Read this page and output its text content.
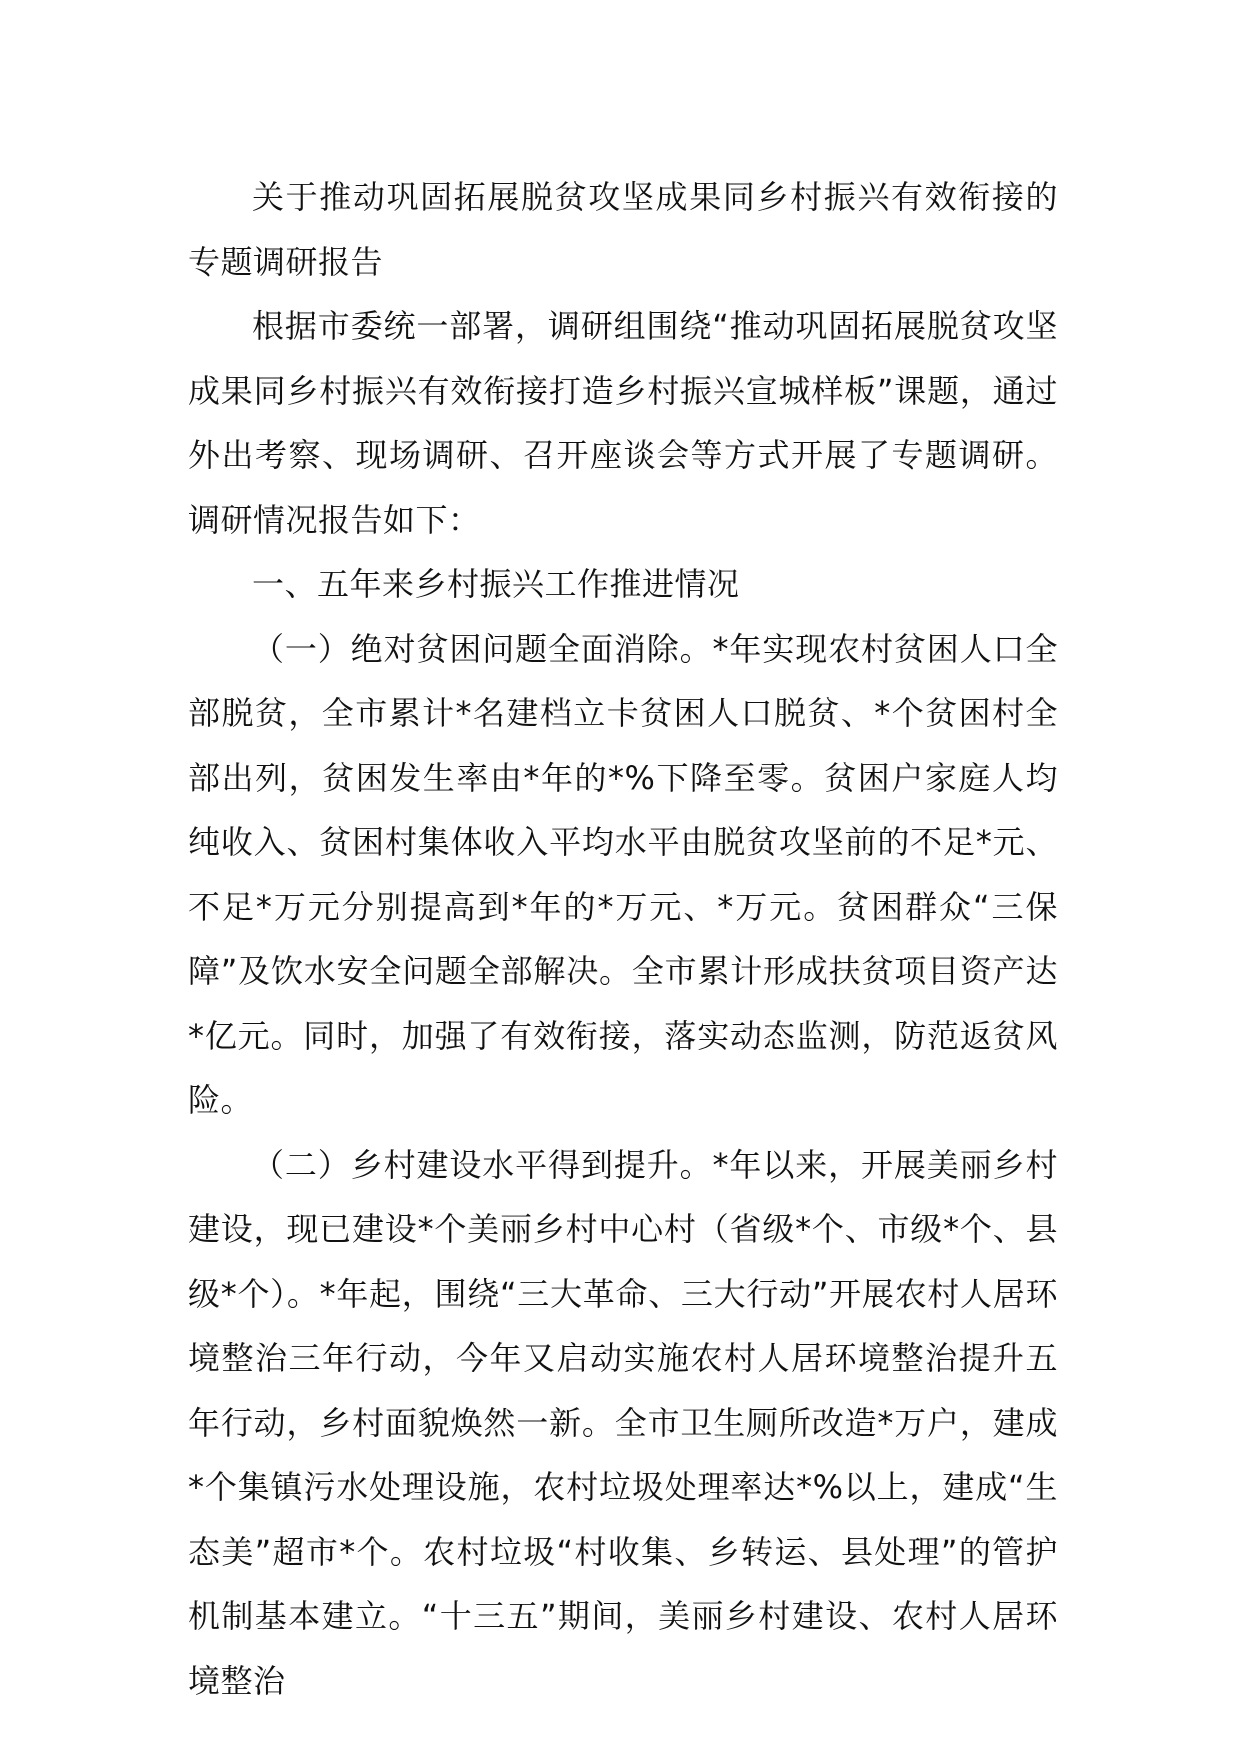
关于推动巩固拓展脱贫攻坚成果同乡村振兴有效衔接的专题调研报告

根据市委统一部署，调研组围绕“推动巩固拓展脱贫攻坚成果同乡村振兴有效衔接打造乡村振兴宣城样板”课题，通过外出考察、现场调研、召开座谈会等方式开展了专题调研。调研情况报告如下：

一、五年来乡村振兴工作推进情况

（一）绝对贫困问题全面消除。*年实现农村贫困人口全部脱贫，全市累计*名建档立卡贫困人口脱贫、*个贫困村全部出列，贫困发生率由*年的*%下降至零。贫困户家庭人均纯收入、贫困村集体收入平均水平由脱贫攻坚前的不足*元、不足*万元分别提高到*年的*万元、*万元。贫困群众“三保障”及饮水安全问题全部解决。全市累计形成扶贫项目资产达*亿元。同时，加强了有效衔接，落实动态监测，防范返贫风险。

（二）乡村建设水平得到提升。*年以来，开展美丽乡村建设，现已建设*个美丽乡村中心村（省级*个、市级*个、县级*个）。*年起，围绕“三大革命、三大行动”开展农村人居环境整治三年行动，今年又启动实施农村人居环境整治提升五年行动，乡村面貌焕然一新。全市卫生厕所改造*万户，建成*个集镇污水处理设施，农村垃圾处理率达*%以上，建成“生态美”超市*个。农村垃圾“村收集、乡转运、县处理”的管护机制基本建立。“十三五”期间，美丽乡村建设、农村人居环境整治
